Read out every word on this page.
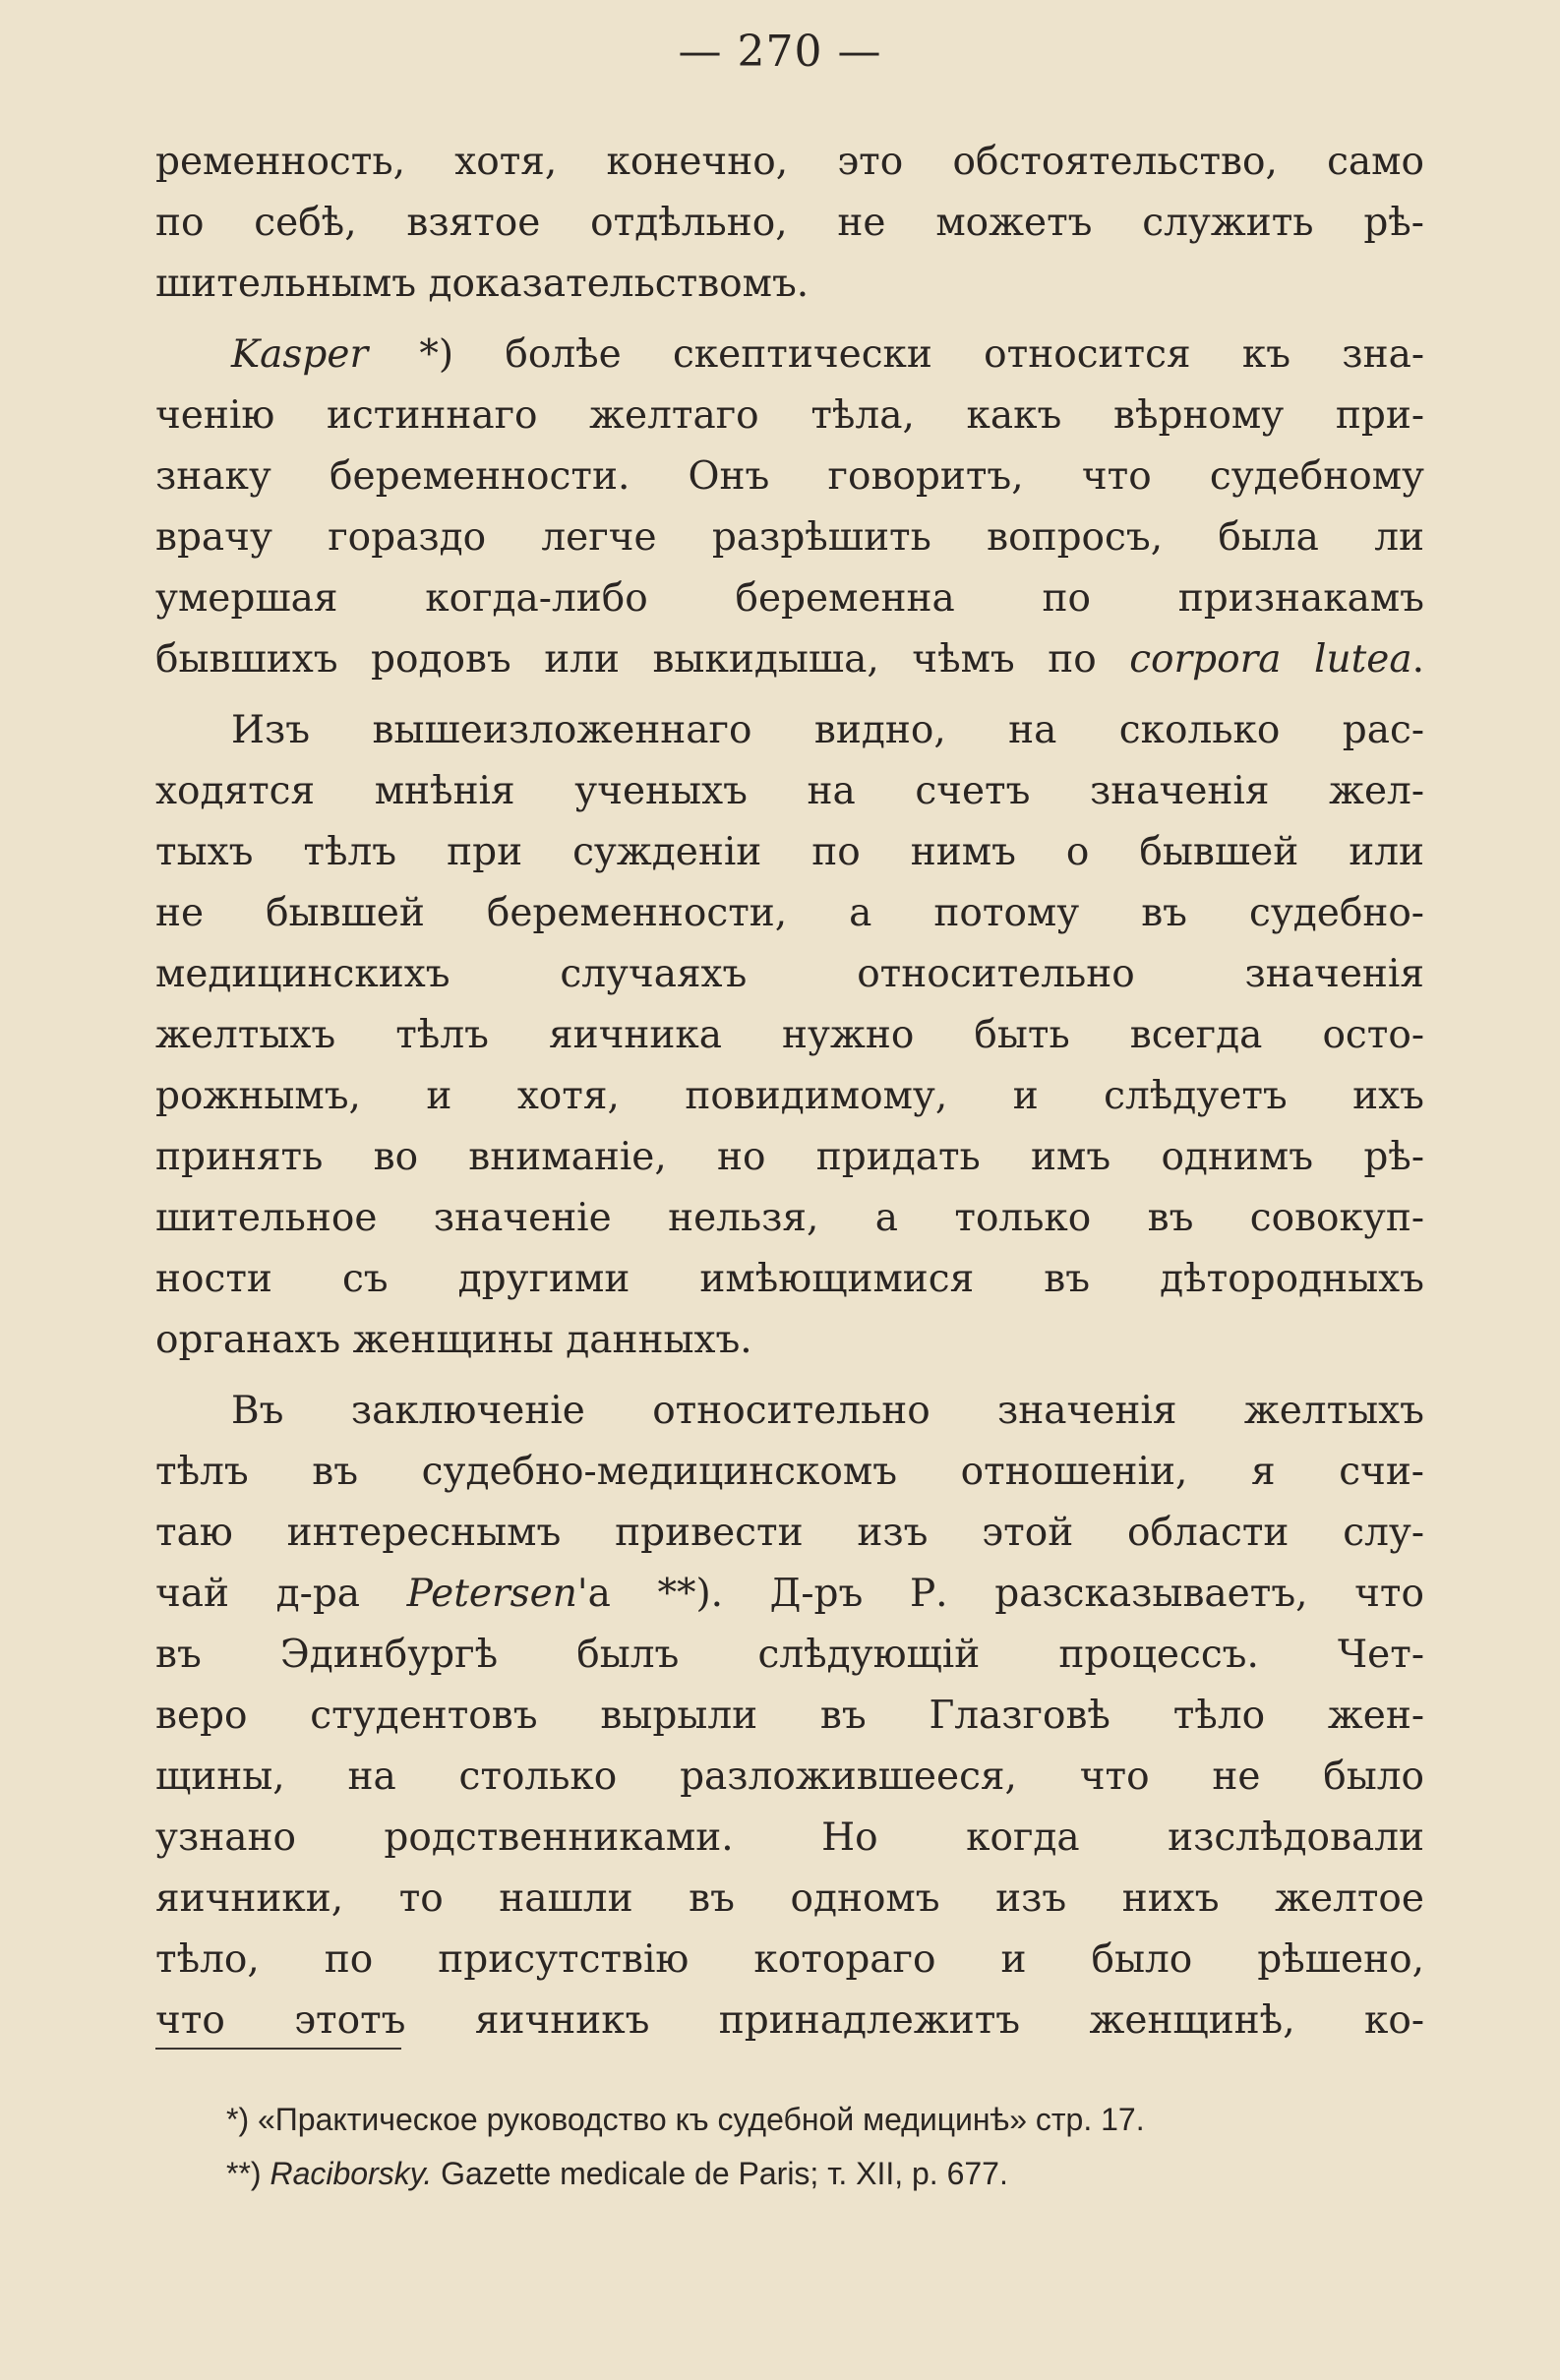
— 270 —
ременность, хотя, конечно, это обстоятельство, само
по себѣ, взятое отдѣльно, не можетъ служить рѣ-
шительнымъ доказательствомъ.
Kasper *) болѣе скептически относится къ зна-
ченію истиннаго желтаго тѣла, какъ вѣрному при-
знаку беременности. Онъ говоритъ, что судебному
врачу гораздо легче разрѣшить вопросъ, была ли
умершая когда-либо беременна по признакамъ
бывшихъ родовъ или выкидыша, чѣмъ по corpora lutea.
Изъ вышеизложеннаго видно, на сколько рас-
ходятся мнѣнія ученыхъ на счетъ значенія жел-
тыхъ тѣлъ при сужденіи по нимъ о бывшей или
не бывшей беременности, а потому въ судебно-
медицинскихъ случаяхъ относительно значенія
желтыхъ тѣлъ яичника нужно быть всегда осто-
рожнымъ, и хотя, повидимому, и слѣдуетъ ихъ
принять во вниманіе, но придать имъ однимъ рѣ-
шительное значеніе нельзя, а только въ совокуп-
ности съ другими имѣющимися въ дѣтородныхъ
органахъ женщины данныхъ.
Въ заключеніе относительно значенія желтыхъ
тѣлъ въ судебно-медицинскомъ отношеніи, я счи-
таю интереснымъ привести изъ этой области слу-
чай д-ра Petersen'а **). Д-ръ Р. разсказываетъ, что
въ Эдинбургѣ былъ слѣдующій процессъ. Чет-
веро студентовъ вырыли въ Глазговѣ тѣло жен-
щины, на столько разложившееся, что не было
узнано родственниками. Но когда изслѣдовали
яичники, то нашли въ одномъ изъ нихъ желтое
тѣло, по присутствію котораго и было рѣшено,
что этотъ яичникъ принадлежитъ женщинѣ, ко-
*) «Практическое руководство къ судебной медицинѣ» стр. 17.
**) Raciborsky. Gazette medicale de Paris; т. XII, p. 677.
